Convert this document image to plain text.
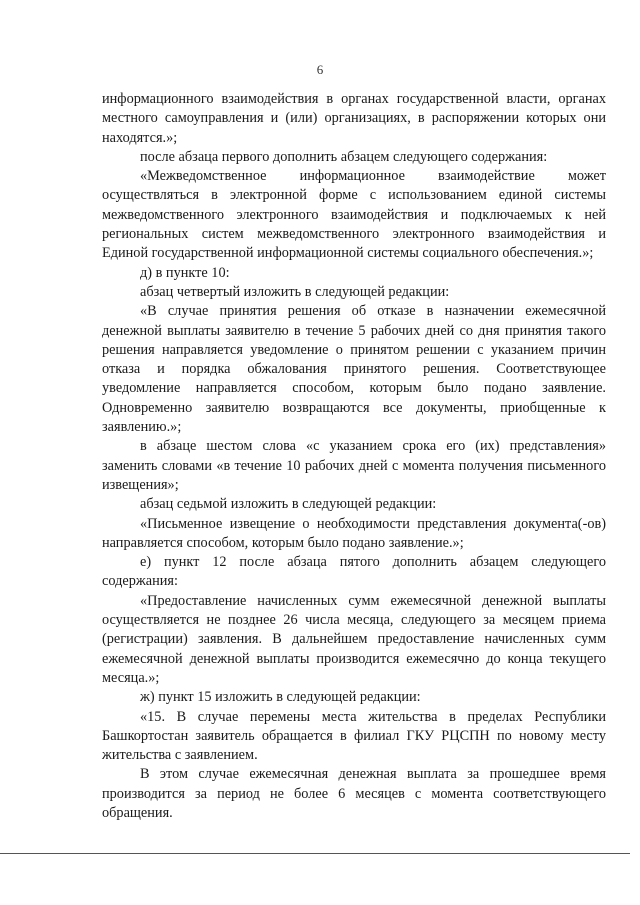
6

информационного взаимодействия в органах государственной власти, органах местного самоуправления и (или) организациях, в распоряжении которых они находятся.»;

после абзаца первого дополнить абзацем следующего содержания:

«Межведомственное информационное взаимодействие может осуществляться в электронной форме с использованием единой системы межведомственного электронного взаимодействия и подключаемых к ней региональных систем межведомственного электронного взаимодействия и Единой государственной информационной системы социального обеспечения.»;

д) в пункте 10:

абзац четвертый изложить в следующей редакции:

«В случае принятия решения об отказе в назначении ежемесячной денежной выплаты заявителю в течение 5 рабочих дней со дня принятия такого решения направляется уведомление о принятом решении с указанием причин отказа и порядка обжалования принятого решения. Соответствующее уведомление направляется способом, которым было подано заявление. Одновременно заявителю возвращаются все документы, приобщенные к заявлению.»;

в абзаце шестом слова «с указанием срока его (их) представления» заменить словами «в течение 10 рабочих дней с момента получения письменного извещения»;

абзац седьмой изложить в следующей редакции:

«Письменное извещение о необходимости представления документа(-ов) направляется способом, которым было подано заявление.»;

е) пункт 12 после абзаца пятого дополнить абзацем следующего содержания:

«Предоставление начисленных сумм ежемесячной денежной выплаты осуществляется не позднее 26 числа месяца, следующего за месяцем приема (регистрации) заявления. В дальнейшем предоставление начисленных сумм ежемесячной денежной выплаты производится ежемесячно до конца текущего месяца.»;

ж) пункт 15 изложить в следующей редакции:

«15. В случае перемены места жительства в пределах Республики Башкортостан заявитель обращается в филиал ГКУ РЦСПН по новому месту жительства с заявлением.

В этом случае ежемесячная денежная выплата за прошедшее время производится за период не более 6 месяцев с момента соответствующего обращения.
